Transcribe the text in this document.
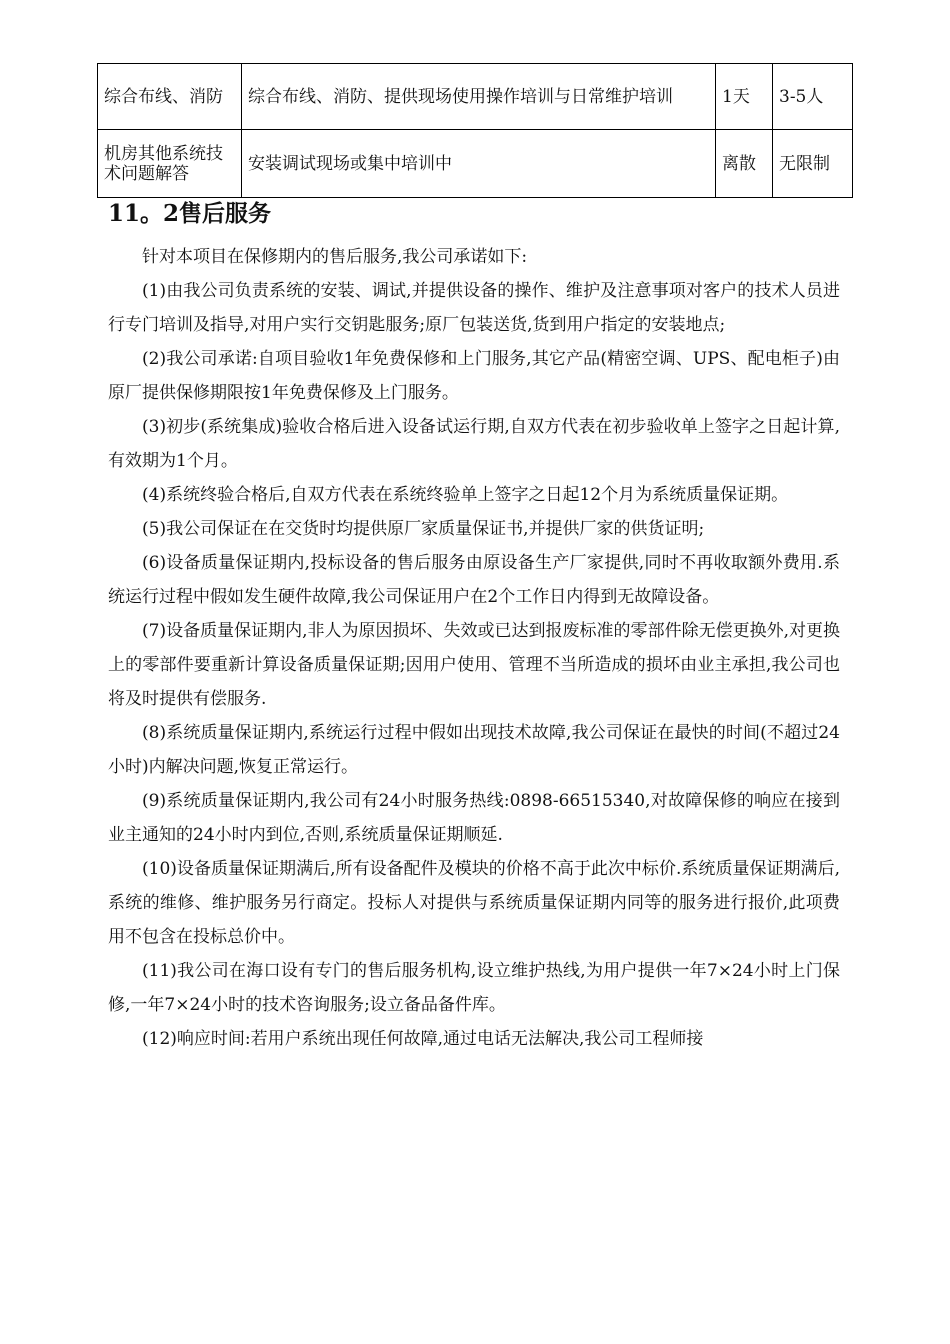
综合布线、消防	综合布线、消防、提供现场使用操作培训与日常维护培训	1天	3-5人
机房其他系统技术问题解答	安装调试现场或集中培训中	离散	无限制
11。2售后服务

针对本项目在保修期内的售后服务,我公司承诺如下:

(1)由我公司负责系统的安装、调试,并提供设备的操作、维护及注意事项对客户的技术人员进行专门培训及指导,对用户实行交钥匙服务;原厂包装送货,货到用户指定的安装地点;

(2)我公司承诺:自项目验收1年免费保修和上门服务,其它产品(精密空调、UPS、配电柜子)由原厂提供保修期限按1年免费保修及上门服务。

(3)初步(系统集成)验收合格后进入设备试运行期,自双方代表在初步验收单上签字之日起计算,有效期为1个月。

(4)系统终验合格后,自双方代表在系统终验单上签字之日起12个月为系统质量保证期。

(5)我公司保证在在交货时均提供原厂家质量保证书,并提供厂家的供货证明;

(6)设备质量保证期内,投标设备的售后服务由原设备生产厂家提供,同时不再收取额外费用.系统运行过程中假如发生硬件故障,我公司保证用户在2个工作日内得到无故障设备。

(7)设备质量保证期内,非人为原因损坏、失效或已达到报废标准的零部件除无偿更换外,对更换上的零部件要重新计算设备质量保证期;因用户使用、管理不当所造成的损坏由业主承担,我公司也将及时提供有偿服务.

(8)系统质量保证期内,系统运行过程中假如出现技术故障,我公司保证在最快的时间(不超过24小时)内解决问题,恢复正常运行。

(9)系统质量保证期内,我公司有24小时服务热线:0898-66515340,对故障保修的响应在接到业主通知的24小时内到位,否则,系统质量保证期顺延.

(10)设备质量保证期满后,所有设备配件及模块的价格不高于此次中标价.系统质量保证期满后,系统的维修、维护服务另行商定。投标人对提供与系统质量保证期内同等的服务进行报价,此项费用不包含在投标总价中。

(11)我公司在海口设有专门的售后服务机构,设立维护热线,为用户提供一年7×24小时上门保修,一年7×24小时的技术咨询服务;设立备品备件库。

(12)响应时间:若用户系统出现任何故障,通过电话无法解决,我公司工程师接
